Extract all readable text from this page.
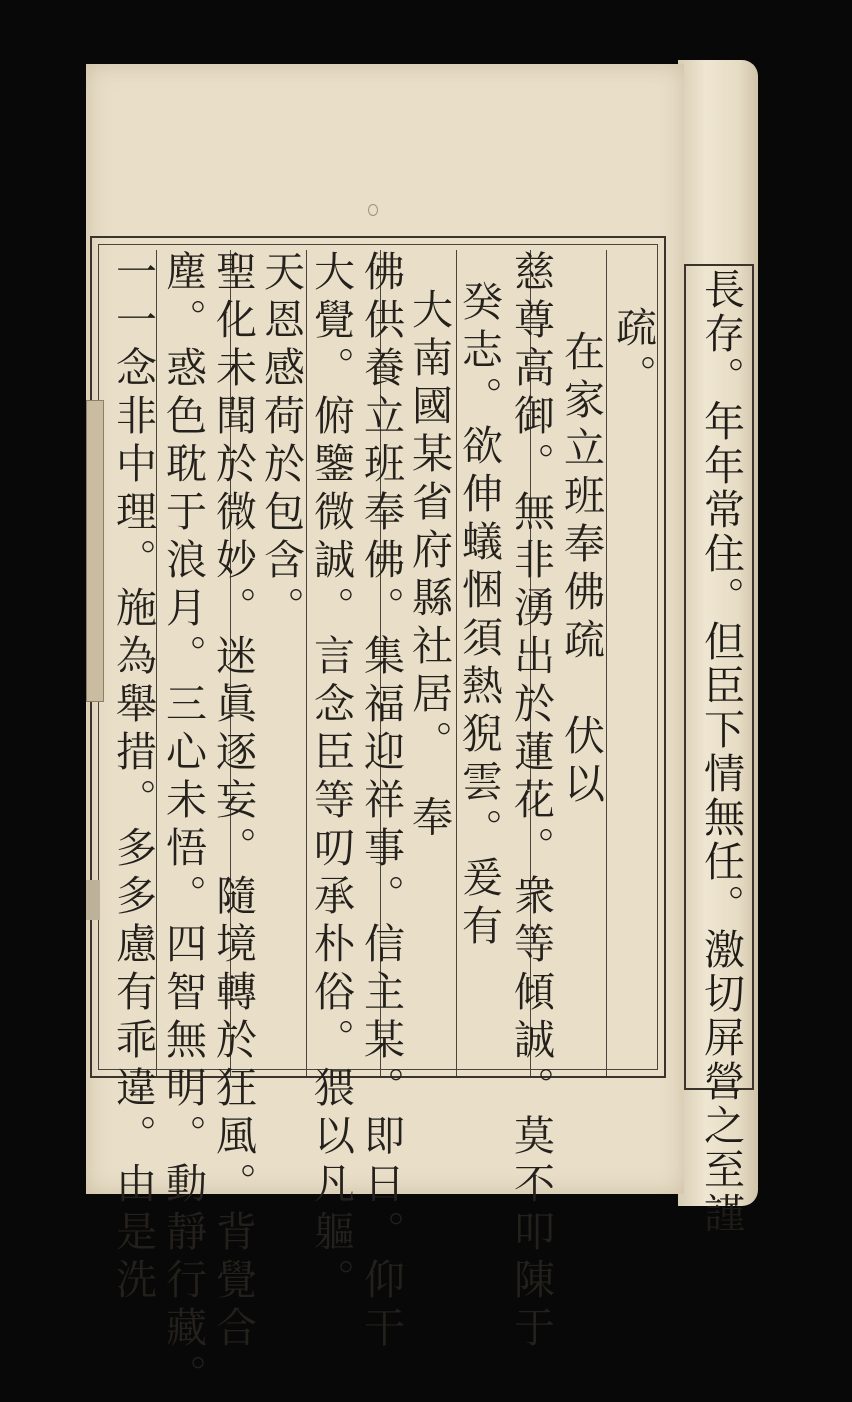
疏。
在家立班奉佛疏　伏以
慈尊高御。無非湧出於蓮花。衆等傾誠。莫不叩陳于
癸志。欲伸蟻悃須熱猊雲。爰有
大南國某省府縣社居。　奉
佛供養立班奉佛。集福迎祥事。信主某。即日。仰干
大覺。俯鑒微誠。言念臣等叨承朴俗。猥以凡軀。
天恩感荷於包含。
聖化未聞於微妙。迷眞逐妄。隨境轉於狂風。背覺合
塵。惑色耽于浪月。三心未悟。四智無明。動靜行藏。
一一念非中理。施為舉措。多多慮有乖違。由是洗	長存。年年常住。但臣下情無任。激切屏營之至謹
